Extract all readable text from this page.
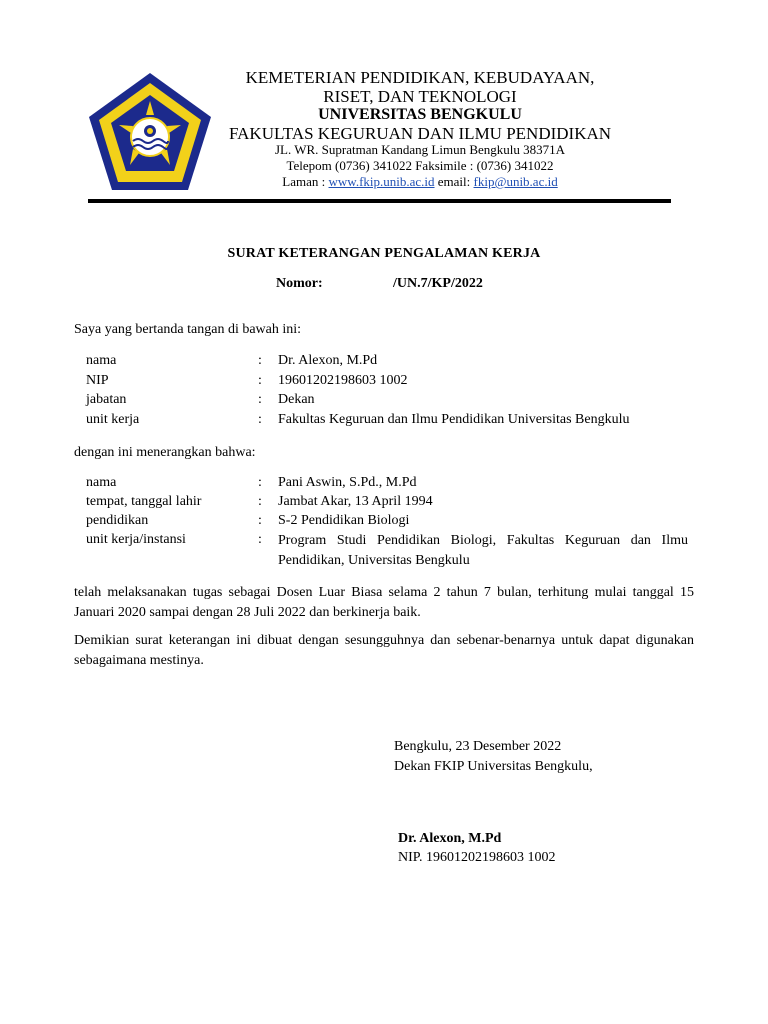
KEMETERIAN PENDIDIKAN, KEBUDAYAAN,
RISET, DAN TEKNOLOGI
UNIVERSITAS BENGKULU
FAKULTAS KEGURUAN DAN ILMU PENDIDIKAN
JL. WR. Supratman Kandang Limun Bengkulu 38371A
Telepom (0736) 341022 Faksimile : (0736) 341022
Laman : www.fkip.unib.ac.id email: fkip@unib.ac.id
SURAT KETERANGAN PENGALAMAN KERJA
Nomor:	/UN.7/KP/2022
Saya yang bertanda tangan di bawah ini:
nama	: Dr. Alexon, M.Pd
NIP	: 19601202198603 1002
jabatan	: Dekan
unit kerja	: Fakultas Keguruan dan Ilmu Pendidikan Universitas Bengkulu
dengan ini menerangkan bahwa:
nama	: Pani Aswin, S.Pd., M.Pd
tempat, tanggal lahir	: Jambat Akar, 13 April 1994
pendidikan	: S-2 Pendidikan Biologi
unit kerja/instansi	: Program Studi Pendidikan Biologi, Fakultas Keguruan dan Ilmu Pendidikan, Universitas Bengkulu
telah melaksanakan tugas sebagai Dosen Luar Biasa selama 2 tahun 7 bulan, terhitung mulai tanggal 15 Januari 2020 sampai dengan 28 Juli 2022 dan berkinerja baik.
Demikian surat keterangan ini dibuat dengan sesungguhnya dan sebenar-benarnya untuk dapat digunakan sebagaimana mestinya.
Bengkulu, 23 Desember 2022
Dekan FKIP Universitas Bengkulu,
Dr. Alexon, M.Pd
NIP. 19601202198603 1002
